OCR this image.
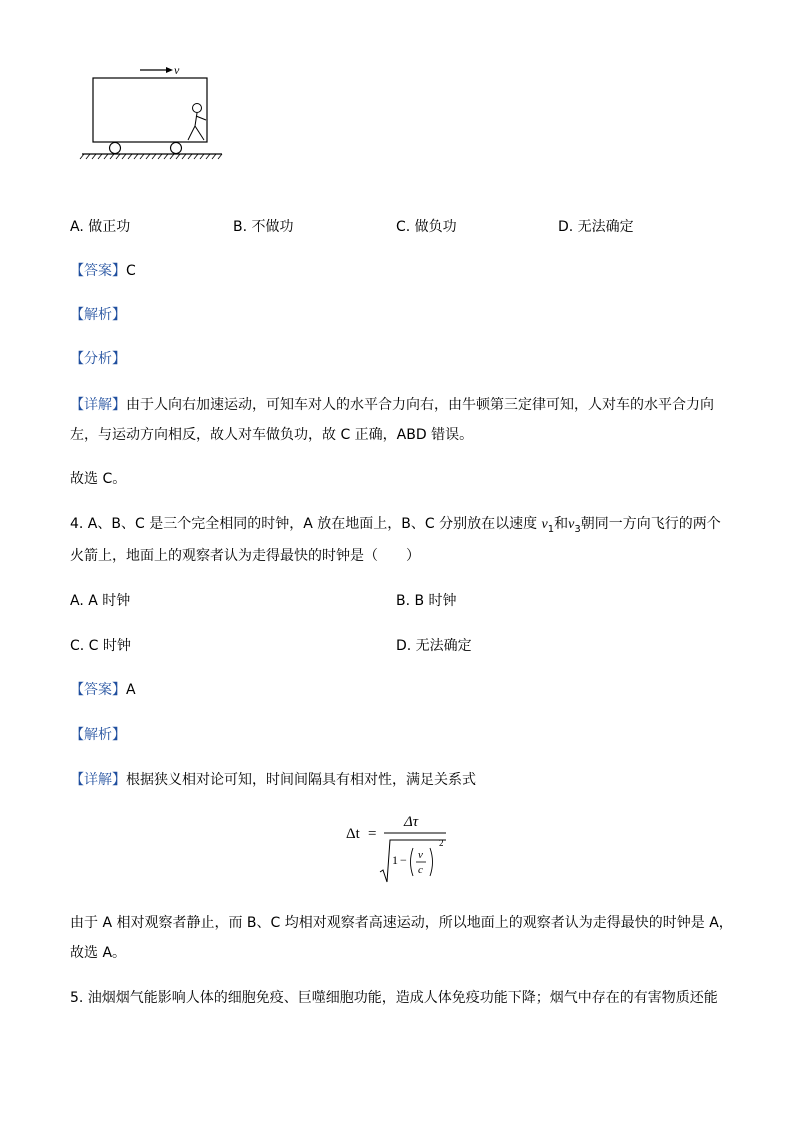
v
A. 做正功	B. 不做功	C. 做负功	D. 无法确定
【答案】C
【解析】
【分析】
【详解】由于人向右加速运动，可知车对人的水平合力向右，由牛顿第三定律可知，人对车的水平合力向
左，与运动方向相反，故人对车做负功，故 C 正确，ABD 错误。
故选 C。
4. A、B、C 是三个完全相同的时钟，A 放在地面上，B、C 分别放在以速度 $v_1$和$v_3$朝同一方向飞行的两个
火箭上，地面上的观察者认为走得最快的时钟是（　　）
A. A 时钟	B. B 时钟
C. C 时钟	D. 无法确定
【答案】A
【解析】
【详解】根据狭义相对论可知，时间间隔具有相对性，满足关系式
Δt =
Δτ
1 − v
c
2
由于 A 相对观察者静止，而 B、C 均相对观察者高速运动，所以地面上的观察者认为走得最快的时钟是 A，
故选 A。
5. 油烟烟气能影响人体的细胞免疫、巨噬细胞功能，造成人体免疫功能下降；烟气中存在的有害物质还能
